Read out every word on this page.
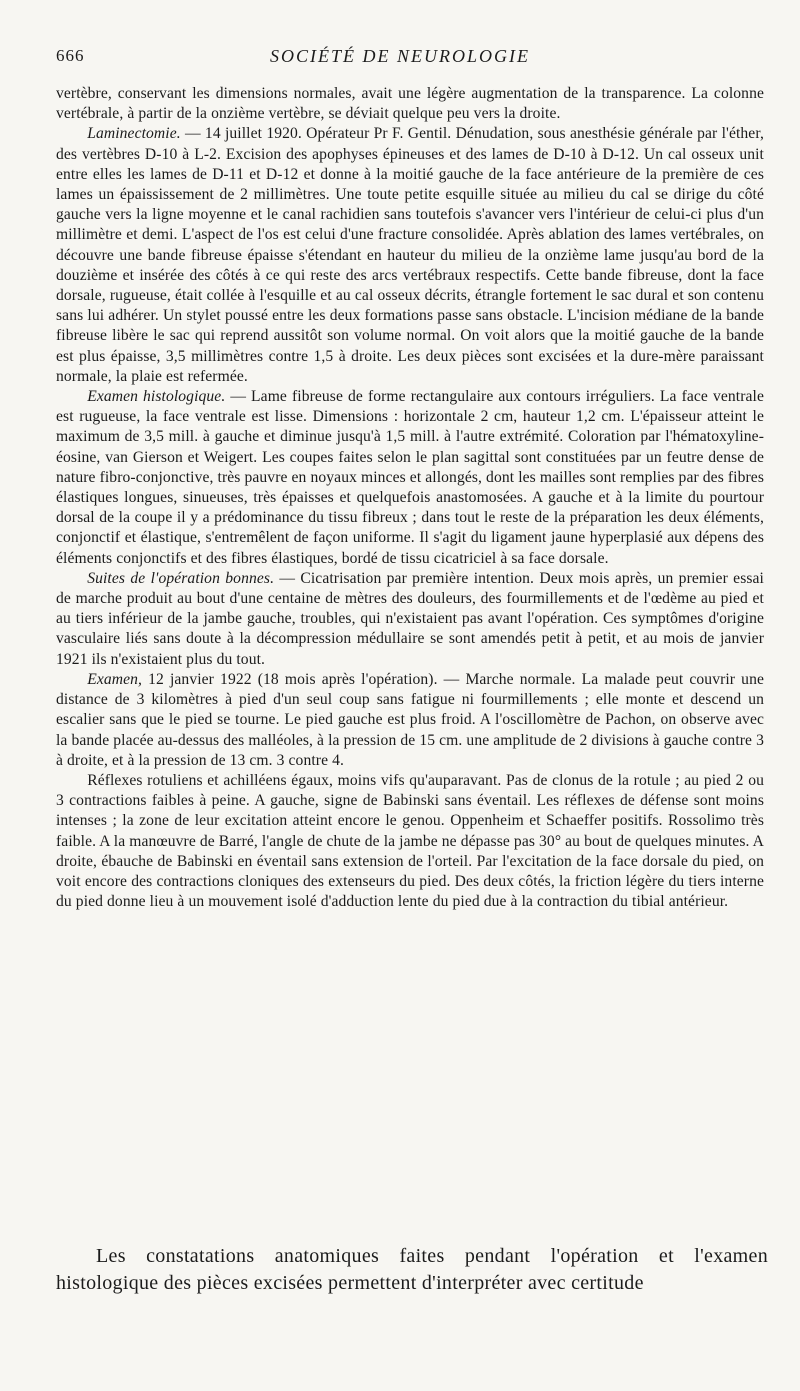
666	SOCIÉTÉ DE NEUROLOGIE

vertèbre, conservant les dimensions normales, avait une légère augmentation de la transparence. La colonne vertébrale, à partir de la onzième vertèbre, se déviait quelque peu vers la droite.

Laminectomie. — 14 juillet 1920. Opérateur Pr F. Gentil. Dénudation, sous anesthésie générale par l'éther, des vertèbres D-10 à L-2. Excision des apophyses épineuses et des lames de D-10 à D-12. Un cal osseux unit entre elles les lames de D-11 et D-12 et donne à la moitié gauche de la face antérieure de la première de ces lames un épaississement de 2 millimètres. Une toute petite esquille située au milieu du cal se dirige du côté gauche vers la ligne moyenne et le canal rachidien sans toutefois s'avancer vers l'intérieur de celui-ci plus d'un millimètre et demi. L'aspect de l'os est celui d'une fracture consolidée. Après ablation des lames vertébrales, on découvre une bande fibreuse épaisse s'étendant en hauteur du milieu de la onzième lame jusqu'au bord de la douzième et insérée des côtés à ce qui reste des arcs vertébraux respectifs. Cette bande fibreuse, dont la face dorsale, rugueuse, était collée à l'esquille et au cal osseux décrits, étrangle fortement le sac dural et son contenu sans lui adhérer. Un stylet poussé entre les deux formations passe sans obstacle. L'incision médiane de la bande fibreuse libère le sac qui reprend aussitôt son volume normal. On voit alors que la moitié gauche de la bande est plus épaisse, 3,5 millimètres contre 1,5 à droite. Les deux pièces sont excisées et la dure-mère paraissant normale, la plaie est refermée.

Examen histologique. — Lame fibreuse de forme rectangulaire aux contours irréguliers. La face ventrale est rugueuse, la face ventrale est lisse. Dimensions : horizontale 2 cm, hauteur 1,2 cm. L'épaisseur atteint le maximum de 3,5 mill. à gauche et diminue jusqu'à 1,5 mill. à l'autre extrémité. Coloration par l'hématoxyline-éosine, van Gierson et Weigert. Les coupes faites selon le plan sagittal sont constituées par un feutre dense de nature fibro-conjonctive, très pauvre en noyaux minces et allongés, dont les mailles sont remplies par des fibres élastiques longues, sinueuses, très épaisses et quelquefois anastomosées. A gauche et à la limite du pourtour dorsal de la coupe il y a prédominance du tissu fibreux ; dans tout le reste de la préparation les deux éléments, conjonctif et élastique, s'entremêlent de façon uniforme. Il s'agit du ligament jaune hyperplasié aux dépens des éléments conjonctifs et des fibres élastiques, bordé de tissu cicatriciel à sa face dorsale.

Suites de l'opération bonnes. — Cicatrisation par première intention. Deux mois après, un premier essai de marche produit au bout d'une centaine de mètres des douleurs, des fourmillements et de l'œdème au pied et au tiers inférieur de la jambe gauche, troubles, qui n'existaient pas avant l'opération. Ces symptômes d'origine vasculaire liés sans doute à la décompression médullaire se sont amendés petit à petit, et au mois de janvier 1921 ils n'existaient plus du tout.

Examen, 12 janvier 1922 (18 mois après l'opération). — Marche normale. La malade peut couvrir une distance de 3 kilomètres à pied d'un seul coup sans fatigue ni fourmillements ; elle monte et descend un escalier sans que le pied se tourne. Le pied gauche est plus froid. A l'oscillomètre de Pachon, on observe avec la bande placée au-dessus des malléoles, à la pression de 15 cm. une amplitude de 2 divisions à gauche contre 3 à droite, et à la pression de 13 cm. 3 contre 4.

Réflexes rotuliens et achilléens égaux, moins vifs qu'auparavant. Pas de clonus de la rotule ; au pied 2 ou 3 contractions faibles à peine. A gauche, signe de Babinski sans éventail. Les réflexes de défense sont moins intenses ; la zone de leur excitation atteint encore le genou. Oppenheim et Schaeffer positifs. Rossolimo très faible. A la manœuvre de Barré, l'angle de chute de la jambe ne dépasse pas 30° au bout de quelques minutes. A droite, ébauche de Babinski en éventail sans extension de l'orteil. Par l'excitation de la face dorsale du pied, on voit encore des contractions cloniques des extenseurs du pied. Des deux côtés, la friction légère du tiers interne du pied donne lieu à un mouvement isolé d'adduction lente du pied due à la contraction du tibial antérieur.

Les constatations anatomiques faites pendant l'opération et l'examen histologique des pièces excisées permettent d'interpréter avec certitude
